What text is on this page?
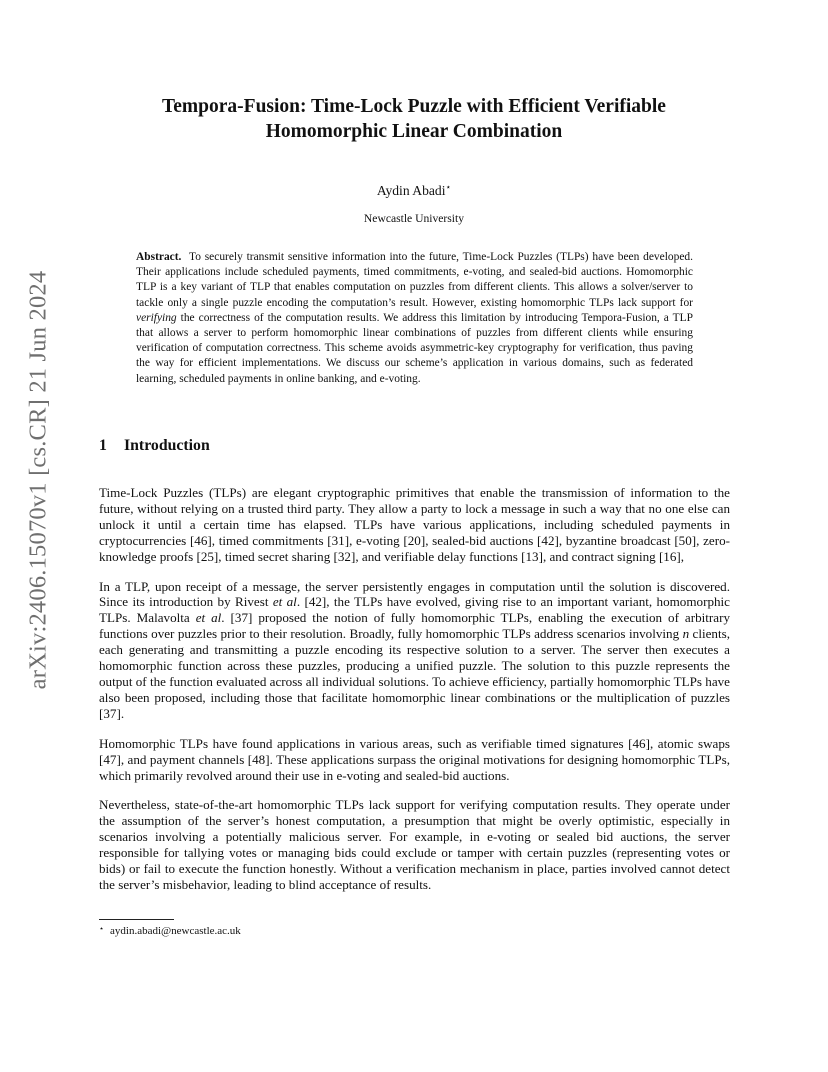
arXiv:2406.15070v1 [cs.CR] 21 Jun 2024
Tempora-Fusion: Time-Lock Puzzle with Efficient Verifiable
Homomorphic Linear Combination
Aydin Abadi⋆
Newcastle University
Abstract. To securely transmit sensitive information into the future, Time-Lock Puzzles (TLPs) have been developed. Their applications include scheduled payments, timed commitments, e-voting, and sealed-bid auctions. Homomorphic TLP is a key variant of TLP that enables computation on puzzles from different clients. This allows a solver/server to tackle only a single puzzle encoding the computation’s result. However, existing homomorphic TLPs lack support for verifying the correctness of the computation results. We address this limitation by introducing Tempora-Fusion, a TLP that allows a server to perform homomorphic linear combinations of puzzles from different clients while ensuring verification of computation correctness. This scheme avoids asymmetric-key cryptography for verification, thus paving the way for efficient implementations. We discuss our scheme’s application in various domains, such as federated learning, scheduled payments in online banking, and e-voting.
1 Introduction

Time-Lock Puzzles (TLPs) are elegant cryptographic primitives that enable the transmission of information to the future, without relying on a trusted third party. They allow a party to lock a message in such a way that no one else can unlock it until a certain time has elapsed. TLPs have various applications, including scheduled payments in cryptocurrencies [46], timed commitments [31], e-voting [20], sealed-bid auctions [42], byzantine broadcast [50], zero-knowledge proofs [25], timed secret sharing [32], and verifiable delay functions [13], and contract signing [16],

In a TLP, upon receipt of a message, the server persistently engages in computation until the solution is discovered. Since its introduction by Rivest et al. [42], the TLPs have evolved, giving rise to an important variant, homomorphic TLPs. Malavolta et al. [37] proposed the notion of fully homomorphic TLPs, enabling the execution of arbitrary functions over puzzles prior to their resolution. Broadly, fully homomorphic TLPs address scenarios involving n clients, each generating and transmitting a puzzle encoding its respective solution to a server. The server then executes a homomorphic function across these puzzles, producing a unified puzzle. The solution to this puzzle represents the output of the function evaluated across all individual solutions. To achieve efficiency, partially homomorphic TLPs have also been proposed, including those that facilitate homomorphic linear combinations or the multiplication of puzzles [37].

Homomorphic TLPs have found applications in various areas, such as verifiable timed signatures [46], atomic swaps [47], and payment channels [48]. These applications surpass the original motivations for designing homomorphic TLPs, which primarily revolved around their use in e-voting and sealed-bid auctions.

Nevertheless, state-of-the-art homomorphic TLPs lack support for verifying computation results. They operate under the assumption of the server’s honest computation, a presumption that might be overly optimistic, especially in scenarios involving a potentially malicious server. For example, in e-voting or sealed bid auctions, the server responsible for tallying votes or managing bids could exclude or tamper with certain puzzles (representing votes or bids) or fail to execute the function honestly. Without a verification mechanism in place, parties involved cannot detect the server’s misbehavior, leading to blind acceptance of results.

⋆ aydin.abadi@newcastle.ac.uk
